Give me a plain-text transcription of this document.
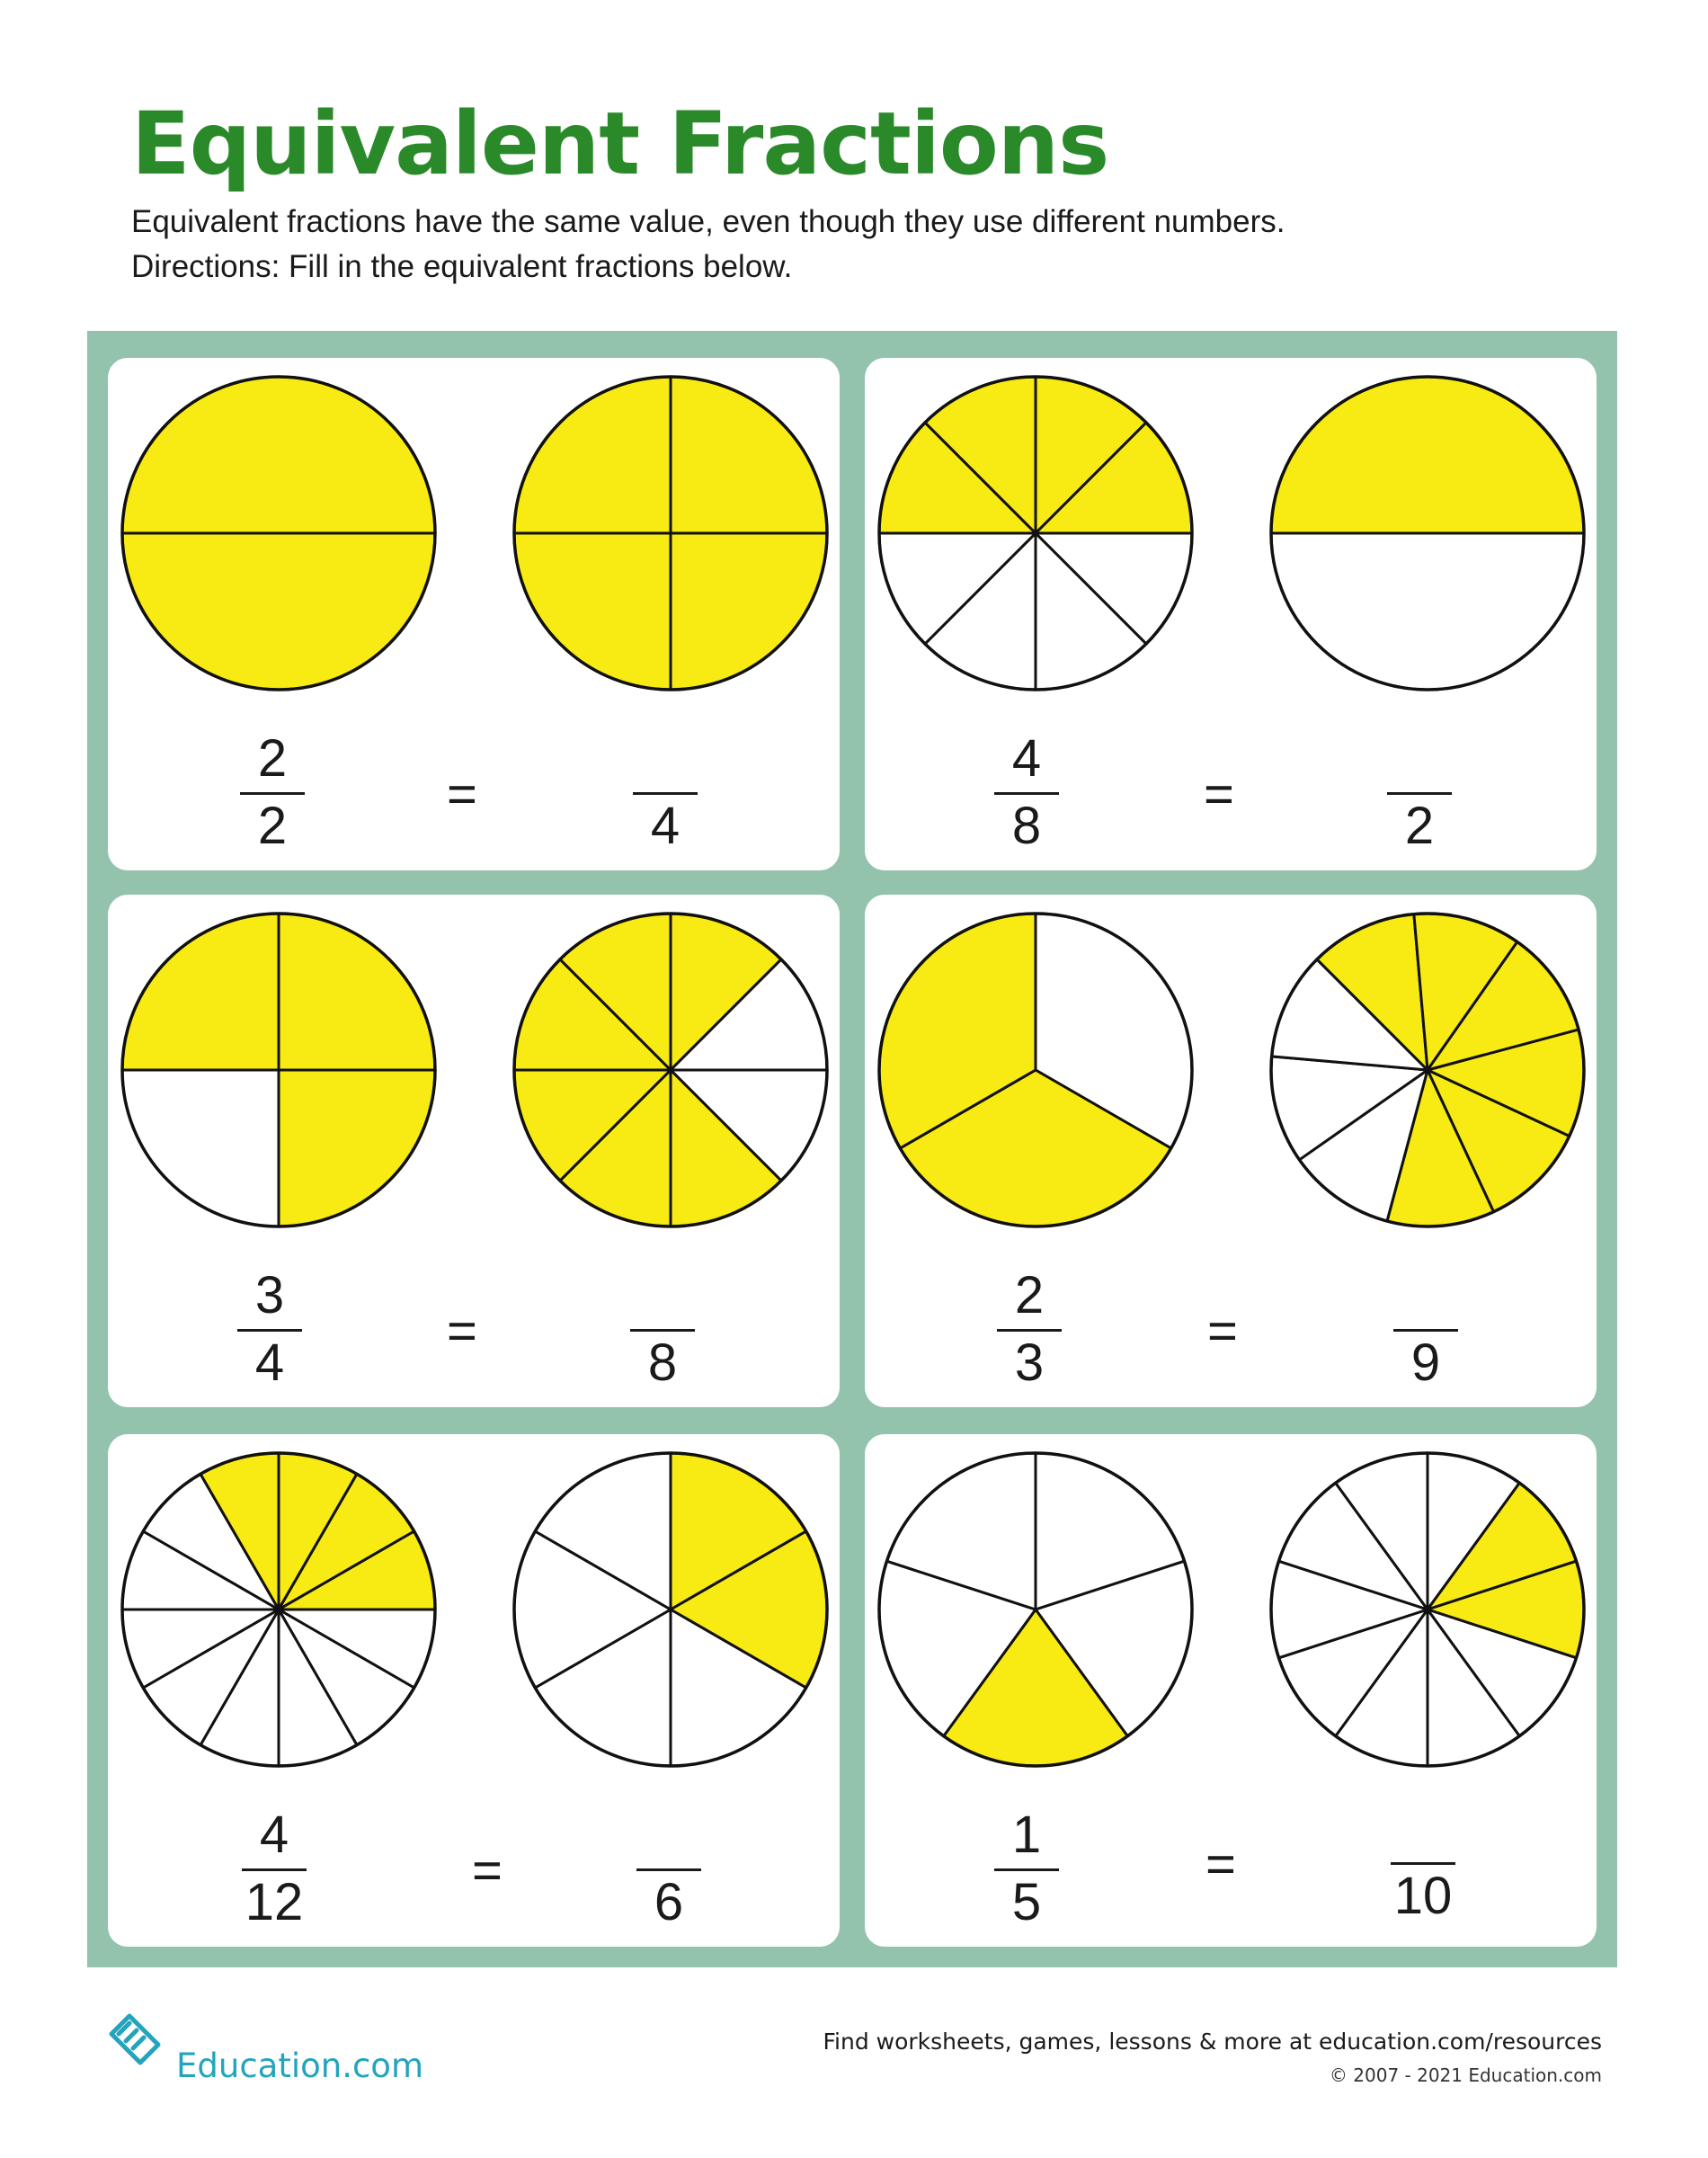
Equivalent Fractions

Equivalent fractions have the same value, even though they use different numbers.

Directions: Fill in the equivalent fractions below.

2
2
=
4
4
8
=
2
3
4
=
8
2
3
=
9
4
12
=
6
1
5
=
10
Education.com
Find worksheets, games, lessons & more at education.com/resources
© 2007 - 2021 Education.com
